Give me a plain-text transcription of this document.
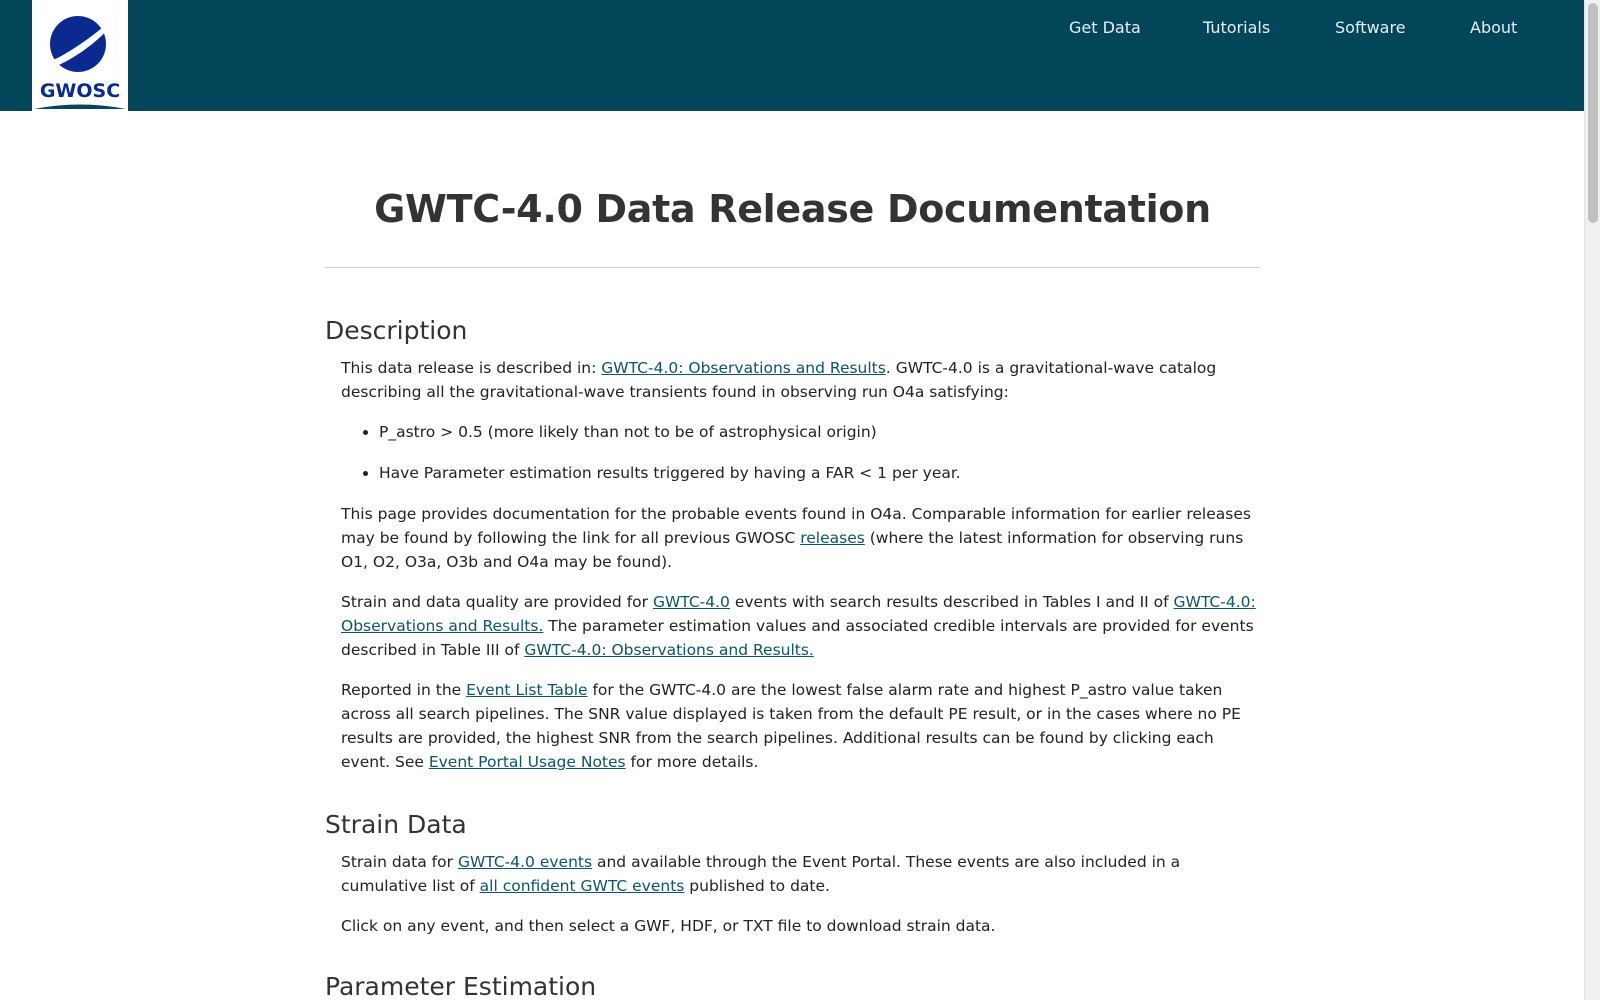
GWOSC
Get Data	Tutorials	Software	About
GWTC-4.0 Data Release Documentation
Description

This data release is described in: GWTC-4.0: Observations and Results. GWTC-4.0 is a gravitational-wave catalog describing all the gravitational-wave transients found in observing run O4a satisfying:

• P_astro > 0.5 (more likely than not to be of astrophysical origin)
• Have Parameter estimation results triggered by having a FAR < 1 per year.

This page provides documentation for the probable events found in O4a. Comparable information for earlier releases may be found by following the link for all previous GWOSC releases (where the latest information for observing runs O1, O2, O3a, O3b and O4a may be found).

Strain and data quality are provided for GWTC-4.0 events with search results described in Tables I and II of GWTC-4.0: Observations and Results. The parameter estimation values and associated credible intervals are provided for events described in Table III of GWTC-4.0: Observations and Results.

Reported in the Event List Table for the GWTC-4.0 are the lowest false alarm rate and highest P_astro value taken across all search pipelines. The SNR value displayed is taken from the default PE result, or in the cases where no PE results are provided, the highest SNR from the search pipelines. Additional results can be found by clicking each event. See Event Portal Usage Notes for more details.

Strain Data

Strain data for GWTC-4.0 events and available through the Event Portal. These events are also included in a cumulative list of all confident GWTC events published to date.

Click on any event, and then select a GWF, HDF, or TXT file to download strain data.

Parameter Estimation
